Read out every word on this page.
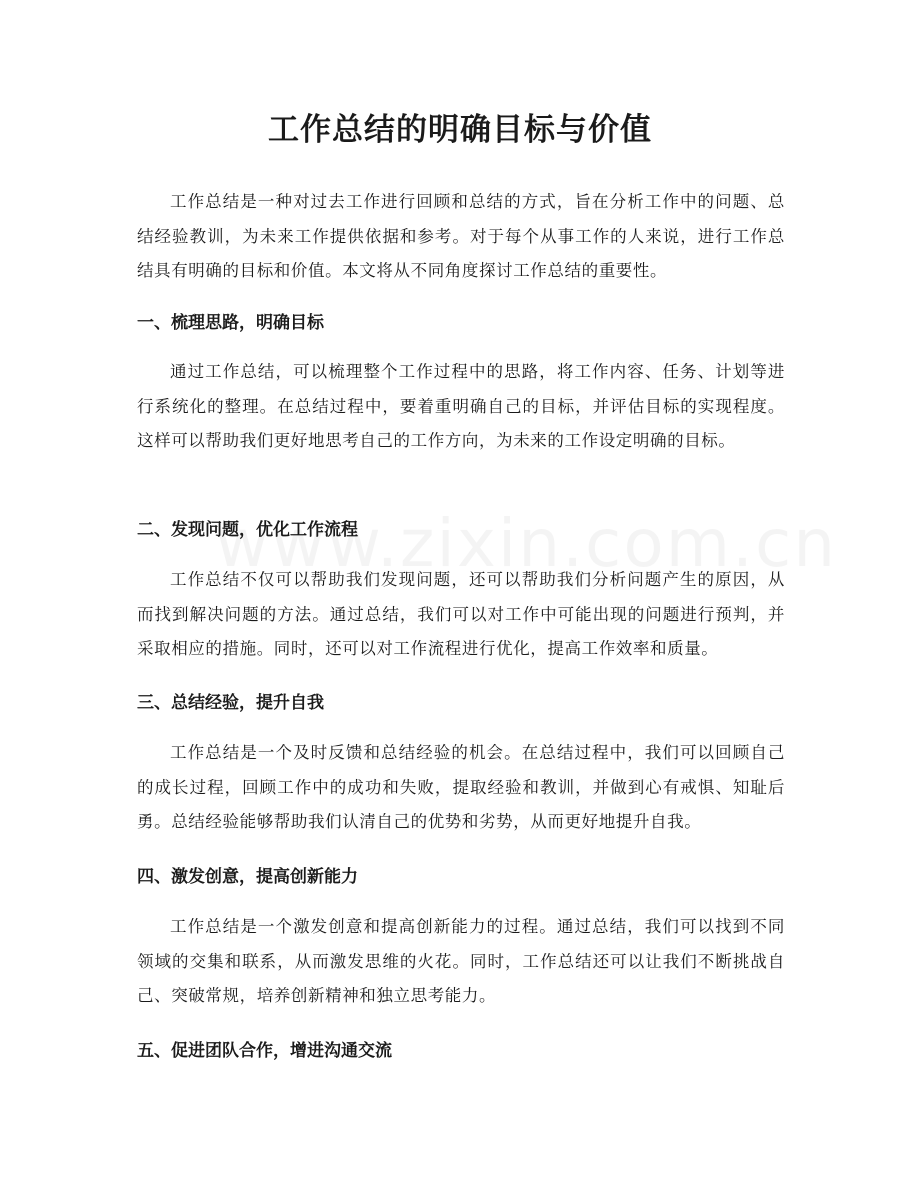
工作总结的明确目标与价值

工作总结是一种对过去工作进行回顾和总结的方式，旨在分析工作中的问题、总结经验教训，为未来工作提供依据和参考。对于每个从事工作的人来说，进行工作总结具有明确的目标和价值。本文将从不同角度探讨工作总结的重要性。

一、梳理思路，明确目标

通过工作总结，可以梳理整个工作过程中的思路，将工作内容、任务、计划等进行系统化的整理。在总结过程中，要着重明确自己的目标，并评估目标的实现程度。这样可以帮助我们更好地思考自己的工作方向，为未来的工作设定明确的目标。

二、发现问题，优化工作流程

工作总结不仅可以帮助我们发现问题，还可以帮助我们分析问题产生的原因，从而找到解决问题的方法。通过总结，我们可以对工作中可能出现的问题进行预判，并采取相应的措施。同时，还可以对工作流程进行优化，提高工作效率和质量。

三、总结经验，提升自我

工作总结是一个及时反馈和总结经验的机会。在总结过程中，我们可以回顾自己的成长过程，回顾工作中的成功和失败，提取经验和教训，并做到心有戒惧、知耻后勇。总结经验能够帮助我们认清自己的优势和劣势，从而更好地提升自我。

四、激发创意，提高创新能力

工作总结是一个激发创意和提高创新能力的过程。通过总结，我们可以找到不同领域的交集和联系，从而激发思维的火花。同时，工作总结还可以让我们不断挑战自己、突破常规，培养创新精神和独立思考能力。

五、促进团队合作，增进沟通交流
